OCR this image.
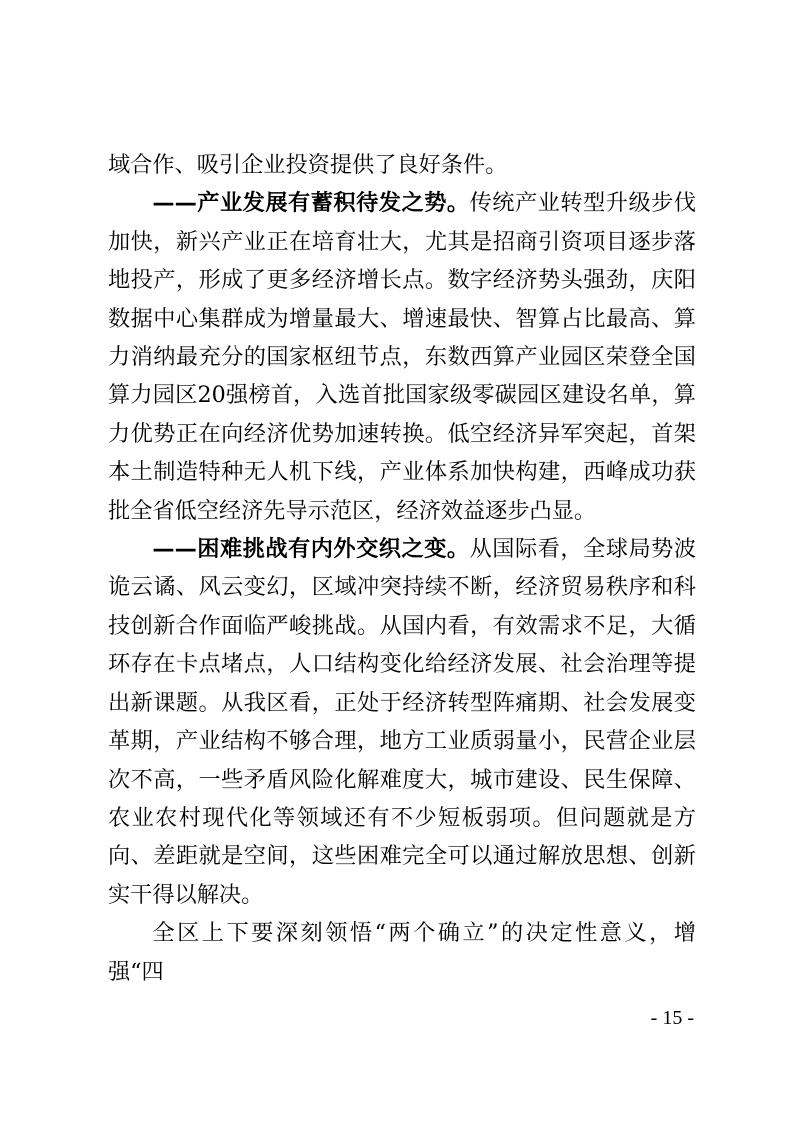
域合作、吸引企业投资提供了良好条件。

——产业发展有蓄积待发之势。传统产业转型升级步伐加快，新兴产业正在培育壮大，尤其是招商引资项目逐步落地投产，形成了更多经济增长点。数字经济势头强劲，庆阳数据中心集群成为增量最大、增速最快、智算占比最高、算力消纳最充分的国家枢纽节点，东数西算产业园区荣登全国算力园区20强榜首，入选首批国家级零碳园区建设名单，算力优势正在向经济优势加速转换。低空经济异军突起，首架本土制造特种无人机下线，产业体系加快构建，西峰成功获批全省低空经济先导示范区，经济效益逐步凸显。

——困难挑战有内外交织之变。从国际看，全球局势波诡云谲、风云变幻，区域冲突持续不断，经济贸易秩序和科技创新合作面临严峻挑战。从国内看，有效需求不足，大循环存在卡点堵点，人口结构变化给经济发展、社会治理等提出新课题。从我区看，正处于经济转型阵痛期、社会发展变革期，产业结构不够合理，地方工业质弱量小，民营企业层次不高，一些矛盾风险化解难度大，城市建设、民生保障、农业农村现代化等领域还有不少短板弱项。但问题就是方向、差距就是空间，这些困难完全可以通过解放思想、创新实干得以解决。

全区上下要深刻领悟“两个确立”的决定性意义，增强“四

- 15 -
